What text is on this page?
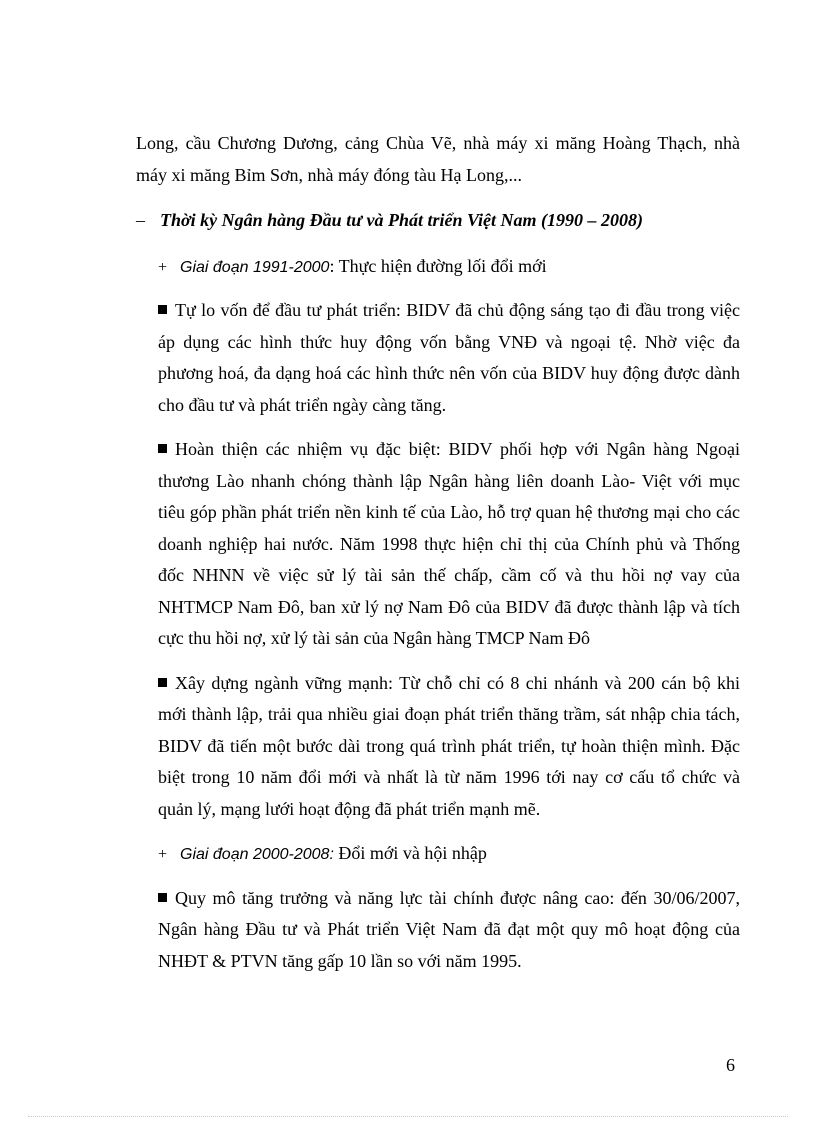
Long, cầu Chương Dương, cảng Chùa Vẽ, nhà máy xi măng Hoàng Thạch, nhà máy xi măng Bỉm Sơn, nhà máy đóng tàu Hạ Long,...

– Thời kỳ Ngân hàng Đầu tư và Phát triển Việt Nam (1990 – 2008)
+ Giai đoạn 1991-2000: Thực hiện đường lối đổi mới
Tự lo vốn để đầu tư phát triển: BIDV đã chủ động sáng tạo đi đầu trong việc áp dụng các hình thức huy động vốn bằng VNĐ và ngoại tệ. Nhờ việc đa phương hoá, đa dạng hoá các hình thức nên vốn của BIDV huy động được dành cho đầu tư và phát triển ngày càng tăng.
Hoàn thiện các nhiệm vụ đặc biệt: BIDV phối hợp với Ngân hàng Ngoại thương Lào nhanh chóng thành lập Ngân hàng liên doanh Lào- Việt với mục tiêu góp phần phát triển nền kinh tế của Lào, hỗ trợ quan hệ thương mại cho các doanh nghiệp hai nước. Năm 1998 thực hiện chỉ thị của Chính phủ và Thống đốc NHNN về việc sử lý tài sản thế chấp, cầm cố và thu hồi nợ vay của NHTMCP Nam Đô, ban xử lý nợ Nam Đô của BIDV đã được thành lập và tích cực thu hồi nợ, xử lý tài sản của Ngân hàng TMCP Nam Đô
Xây dựng ngành vững mạnh: Từ chỗ chỉ có 8 chi nhánh và 200 cán bộ khi mới thành lập, trải qua nhiều giai đoạn phát triển thăng trầm, sát nhập chia tách, BIDV đã tiến một bước dài trong quá trình phát triển, tự hoàn thiện mình. Đặc biệt trong 10 năm đổi mới và nhất là từ năm 1996 tới nay cơ cấu tổ chức và quản lý, mạng lưới hoạt động đã phát triển mạnh mẽ.
+ Giai đoạn 2000-2008: Đổi mới và hội nhập
Quy mô tăng trưởng và năng lực tài chính được nâng cao: đến 30/06/2007, Ngân hàng Đầu tư và Phát triển Việt Nam đã đạt một quy mô hoạt động của NHĐT & PTVN tăng gấp 10 lần so với năm 1995.
6
